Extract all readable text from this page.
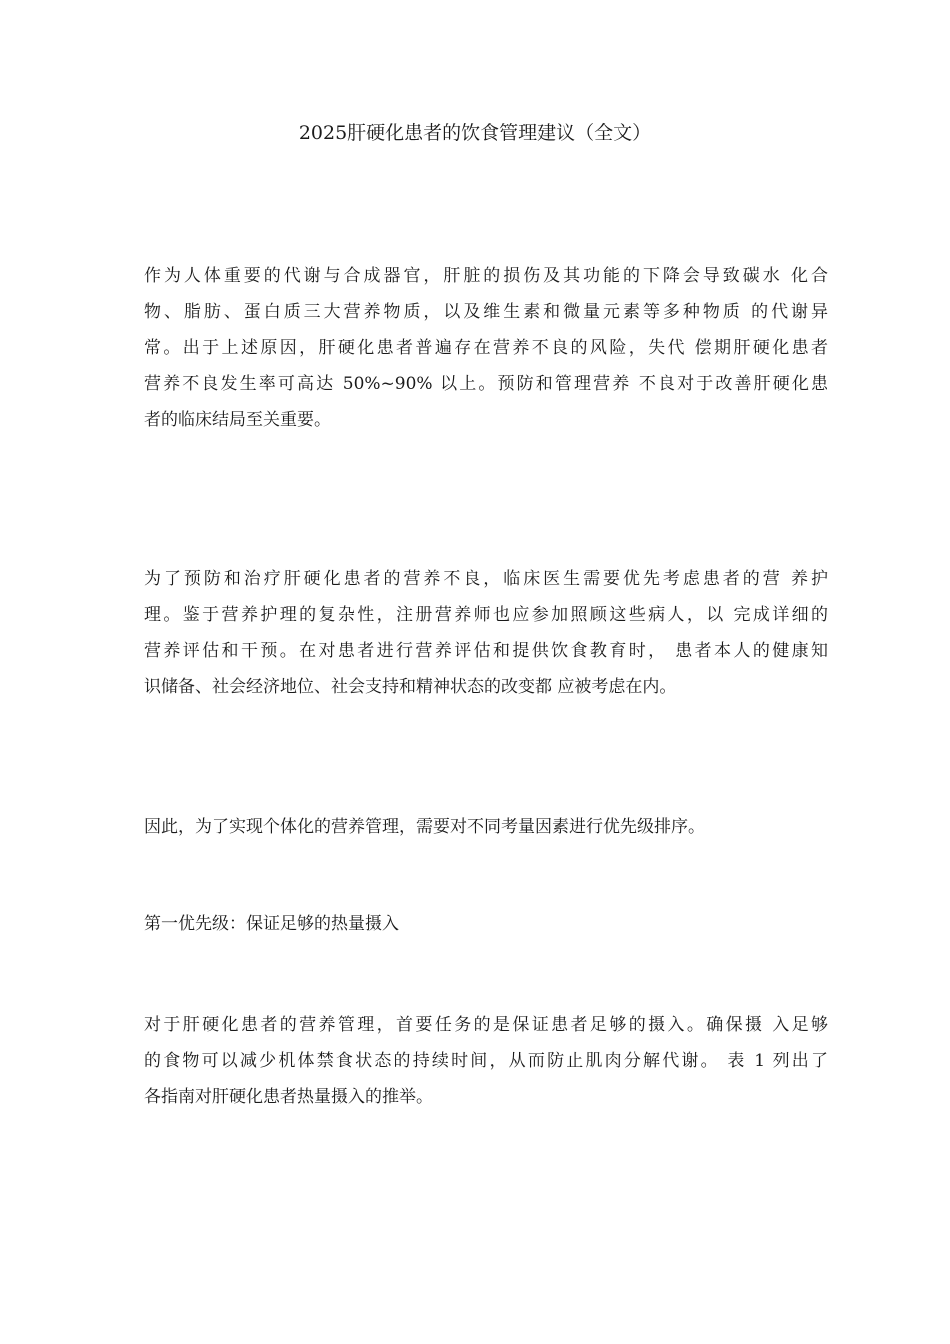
2025肝硬化患者的饮食管理建议（全文）

作为人体重要的代谢与合成器官，肝脏的损伤及其功能的下降会导致碳水 化合
物、脂肪、蛋白质三大营养物质，以及维生素和微量元素等多种物质 的代谢异
常。出于上述原因，肝硬化患者普遍存在营养不良的风险，失代 偿期肝硬化患者
营养不良发生率可高达 50%~90% 以上。预防和管理营养 不良对于改善肝硬化患
者的临床结局至关重要。

为了预防和治疗肝硬化患者的营养不良，临床医生需要优先考虑患者的营 养护
理。鉴于营养护理的复杂性，注册营养师也应参加照顾这些病人，以 完成详细的
营养评估和干预。在对患者进行营养评估和提供饮食教育时， 患者本人的健康知
识储备、社会经济地位、社会支持和精神状态的改变都 应被考虑在内。

因此，为了实现个体化的营养管理，需要对不同考量因素进行优先级排序。

第一优先级：保证足够的热量摄入

对于肝硬化患者的营养管理，首要任务的是保证患者足够的摄入。确保摄 入足够
的食物可以减少机体禁食状态的持续时间，从而防止肌肉分解代谢。 表 1 列出了
各指南对肝硬化患者热量摄入的推举。
